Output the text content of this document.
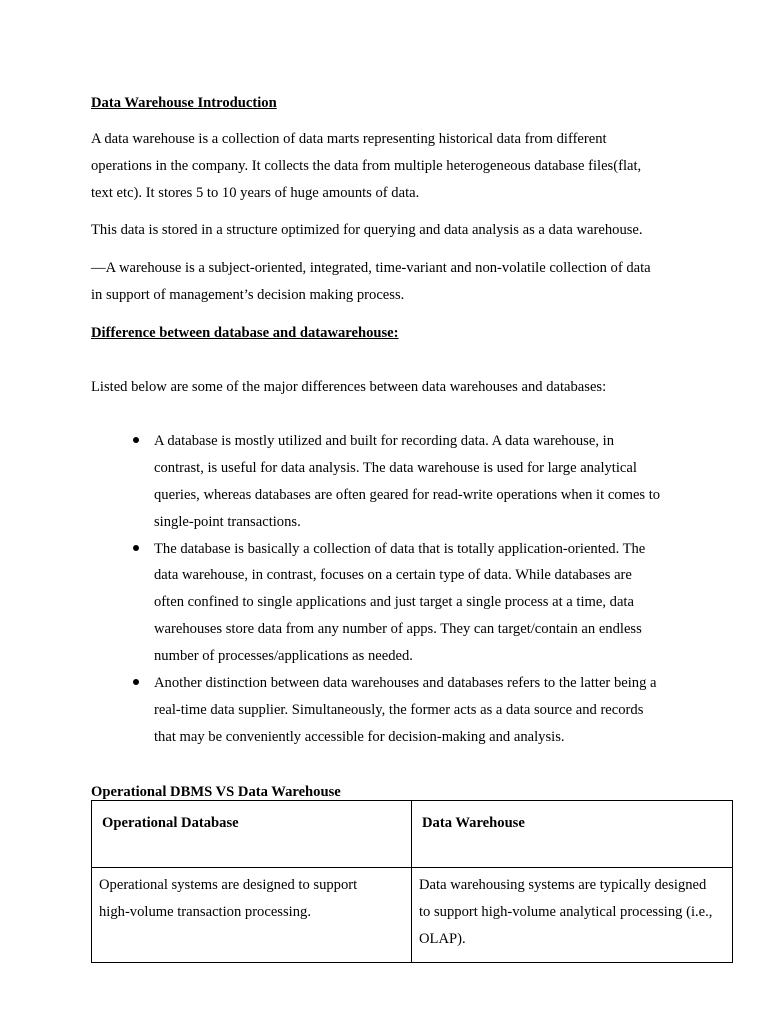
Data Warehouse Introduction
A data warehouse is a collection of data marts representing historical data from different
operations in the company. It collects the data from multiple heterogeneous database files(flat,
text etc). It stores 5 to 10 years of huge amounts of data.
This data is stored in a structure optimized for querying and data analysis as a data warehouse.
—A warehouse is a subject-oriented, integrated, time-variant and non-volatile collection of data
in support of management’s decision making process.
Difference between database and datawarehouse:
Listed below are some of the major differences between data warehouses and databases:
A database is mostly utilized and built for recording data. A data warehouse, in
contrast, is useful for data analysis. The data warehouse is used for large analytical
queries, whereas databases are often geared for read-write operations when it comes to
single-point transactions.
The database is basically a collection of data that is totally application-oriented. The
data warehouse, in contrast, focuses on a certain type of data. While databases are
often confined to single applications and just target a single process at a time, data
warehouses store data from any number of apps. They can target/contain an endless
number of processes/applications as needed.
Another distinction between data warehouses and databases refers to the latter being a
real-time data supplier. Simultaneously, the former acts as a data source and records
that may be conveniently accessible for decision-making and analysis.
Operational DBMS VS Data Warehouse
Operational Database	Data Warehouse
Operational systems are designed to support
high-volume transaction processing.
Data warehousing systems are typically designed
to support high-volume analytical processing (i.e.,
OLAP).
